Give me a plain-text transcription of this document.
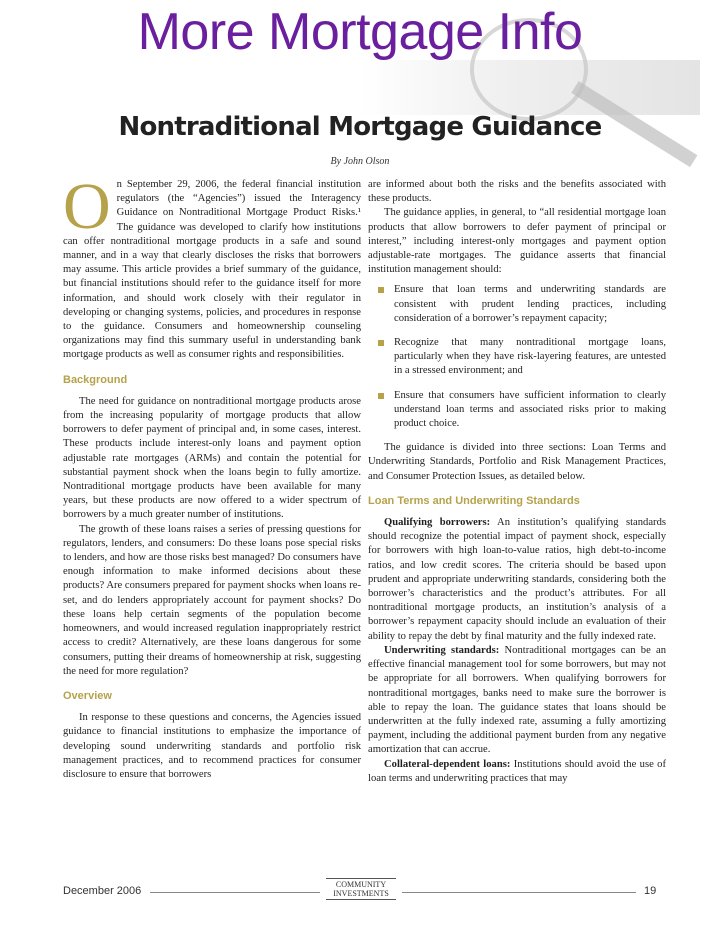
More Mortgage Info
Nontraditional Mortgage Guidance
By John Olson

On September 29, 2006, the federal financial institution regulators (the “Agencies”) issued the Interagency Guidance on Nontraditional Mortgage Product Risks.¹ The guidance was developed to clarify how institutions can offer nontraditional mortgage products in a safe and sound manner, and in a way that clearly discloses the risks that borrowers may assume. This article provides a brief summary of the guidance, but financial institutions should refer to the guidance itself for more information, and should work closely with their regulator in developing or changing systems, policies, and procedures in response to the guidance. Consumers and homeownership counseling organizations may find this summary useful in understanding bank mortgage products as well as consumer rights and responsibilities.

Background

The need for guidance on nontraditional mortgage products arose from the increasing popularity of mortgage products that allow borrowers to defer payment of principal and, in some cases, interest. These products include interest-only loans and payment option adjustable rate mortgages (ARMs) and contain the potential for substantial payment shock when the loans begin to fully amortize. Nontraditional mortgage products have been available for many years, but these products are now offered to a wider spectrum of borrowers by a much greater number of institutions.

The growth of these loans raises a series of pressing questions for regulators, lenders, and consumers: Do these loans pose special risks to lenders, and how are those risks best managed? Do consumers have enough information to make informed decisions about these products? Are consumers prepared for payment shocks when loans re-set, and do lenders appropriately account for payment shocks? Do these loans help certain segments of the population become homeowners, and would increased regulation inappropriately restrict access to credit? Alternatively, are these loans dangerous for some consumers, putting their dreams of homeownership at risk, suggesting the need for more regulation?

Overview

In response to these questions and concerns, the Agencies issued guidance to financial institutions to emphasize the importance of developing sound underwriting standards and portfolio risk management practices, and to recommend practices for consumer disclosure to ensure that borrowers

are informed about both the risks and the benefits associated with these products.

The guidance applies, in general, to “all residential mortgage loan products that allow borrowers to defer payment of principal or interest,” including interest-only mortgages and payment option adjustable-rate mortgages. The guidance asserts that financial institution management should:

Ensure that loan terms and underwriting standards are consistent with prudent lending practices, including consideration of a borrower’s repayment capacity;
Recognize that many nontraditional mortgage loans, particularly when they have risk-layering features, are untested in a stressed environment; and
Ensure that consumers have sufficient information to clearly understand loan terms and associated risks prior to making product choice.

The guidance is divided into three sections: Loan Terms and Underwriting Standards, Portfolio and Risk Management Practices, and Consumer Protection Issues, as detailed below.

Loan Terms and Underwriting Standards

Qualifying borrowers: An institution’s qualifying standards should recognize the potential impact of payment shock, especially for borrowers with high loan-to-value ratios, high debt-to-income ratios, and low credit scores. The criteria should be based upon prudent and appropriate underwriting standards, considering both the borrower’s characteristics and the product’s attributes. For all nontraditional mortgage products, an institution’s analysis of a borrower’s repayment capacity should include an evaluation of their ability to repay the debt by final maturity and the fully indexed rate.

Underwriting standards: Nontraditional mortgages can be an effective financial management tool for some borrowers, but may not be appropriate for all borrowers. When qualifying borrowers for nontraditional mortgages, banks need to make sure the borrower is able to repay the loan. The guidance states that loans should be underwritten at the fully indexed rate, assuming a fully amortizing payment, including the additional payment burden from any negative amortization that can accrue.

Collateral-dependent loans: Institutions should avoid the use of loan terms and underwriting practices that may

December 2006
COMMUNITY
INVESTMENTS	19
